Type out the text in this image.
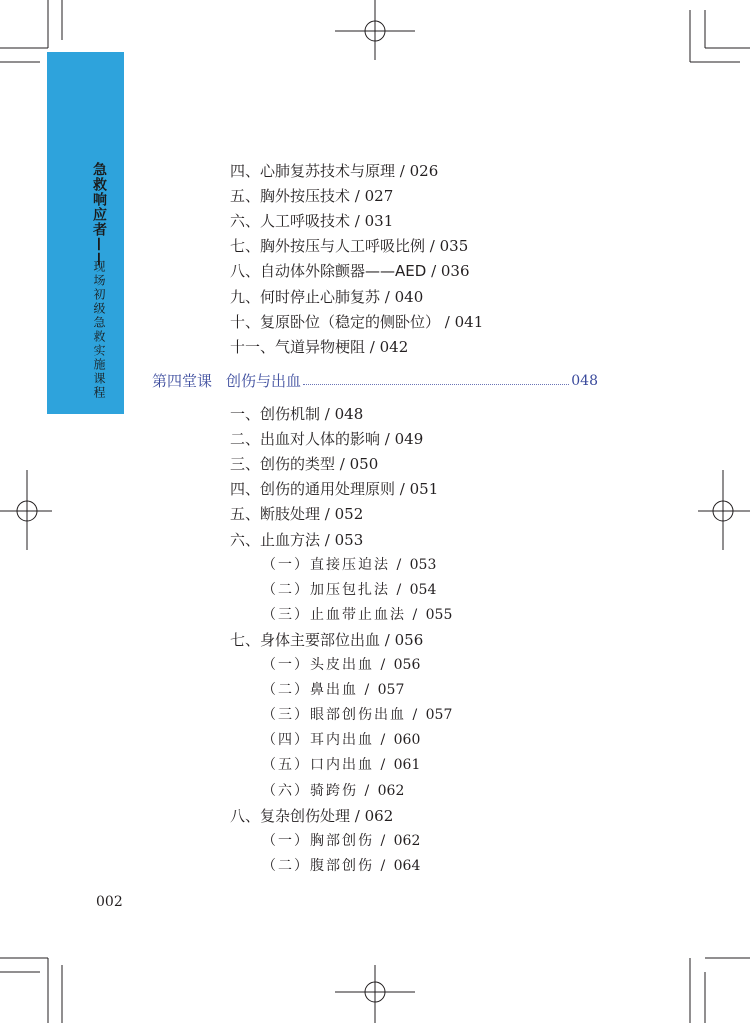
急救响应者——
现场初级急救实施课程
四、心肺复苏技术与原理 / 026
五、胸外按压技术 / 027
六、人工呼吸技术 / 031
七、胸外按压与人工呼吸比例 / 035
八、自动体外除颤器——AED / 036
九、何时停止心肺复苏 / 040
十、复原卧位（稳定的侧卧位） / 041
十一、气道异物梗阻 / 042
第四堂课 创伤与出血	048
一、创伤机制 / 048
二、出血对人体的影响 / 049
三、创伤的类型 / 050
四、创伤的通用处理原则 / 051
五、断肢处理 / 052
六、止血方法 / 053
（一）直接压迫法 / 053
（二）加压包扎法 / 054
（三）止血带止血法 / 055
七、身体主要部位出血 / 056
（一）头皮出血 / 056
（二）鼻出血 / 057
（三）眼部创伤出血 / 057
（四）耳内出血 / 060
（五）口内出血 / 061
（六）骑跨伤 / 062
八、复杂创伤处理 / 062
（一）胸部创伤 / 062
（二）腹部创伤 / 064
002
